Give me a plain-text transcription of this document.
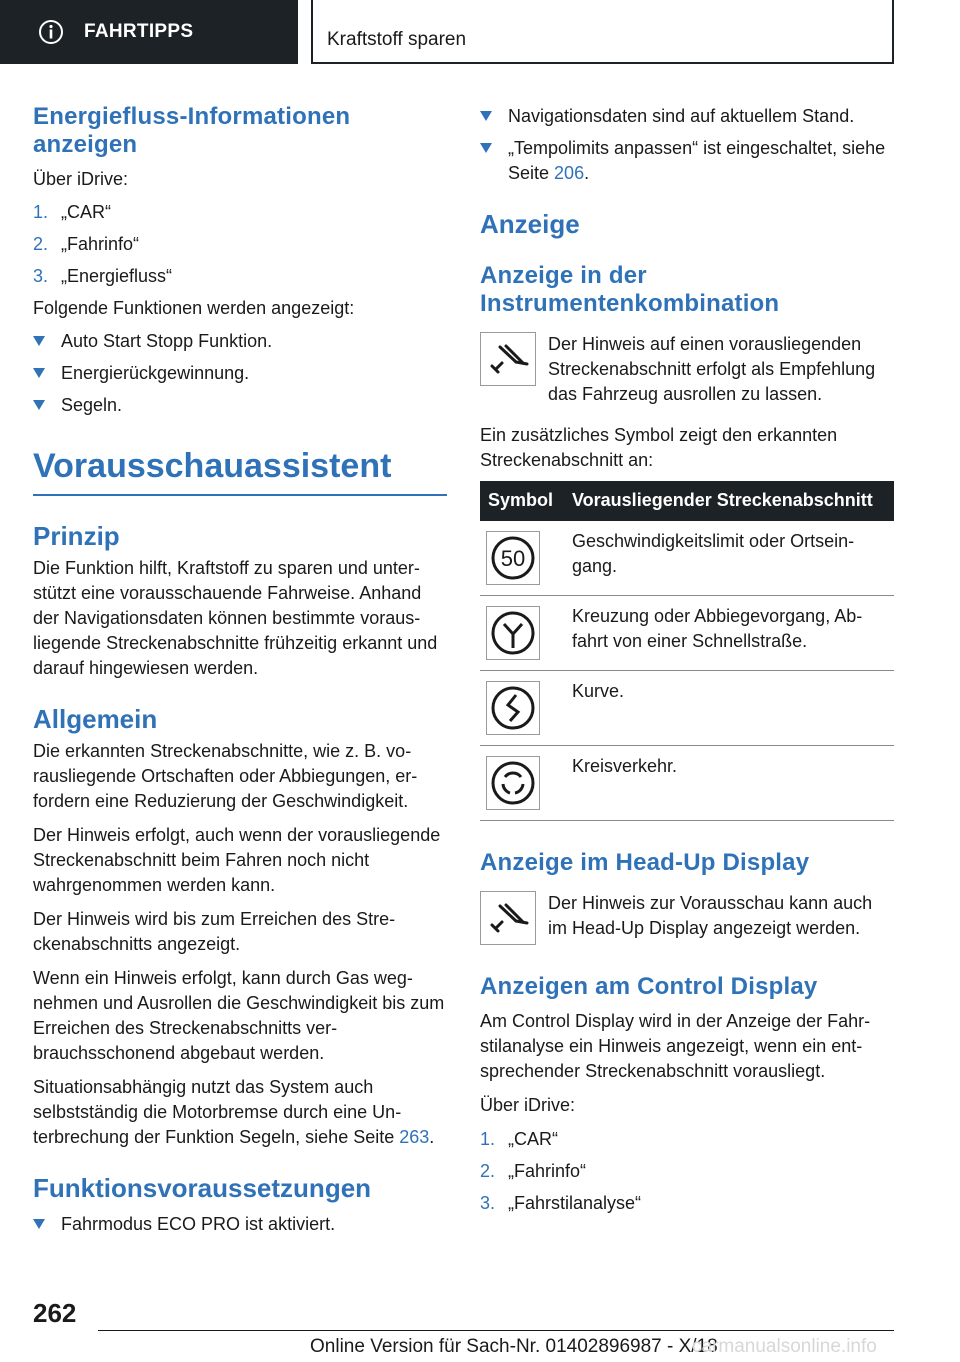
FAHRTIPPS	Kraftstoff sparen
Energiefluss-Informationen anzeigen

Über iDrive:

1. „CAR“
2. „Fahrinfo“
3. „Energiefluss“

Folgende Funktionen werden angezeigt:

Auto Start Stopp Funktion.
Energierückgewinnung.
Segeln.
Vorausschauassistent
Prinzip

Die Funktion hilft, Kraftstoff zu sparen und unterstützt eine vorausschauende Fahrweise. Anhand der Navigationsdaten können bestimmte vorausliegende Streckenabschnitte frühzeitig erkannt und darauf hingewiesen werden.

Allgemein

Die erkannten Streckenabschnitte, wie z. B. vorausliegende Ortschaften oder Abbiegungen, erfordern eine Reduzierung der Geschwindigkeit.

Der Hinweis erfolgt, auch wenn der vorausliegende Streckenabschnitt beim Fahren noch nicht wahrgenommen werden kann.

Der Hinweis wird bis zum Erreichen des Streckenabschnitts angezeigt.

Wenn ein Hinweis erfolgt, kann durch Gas wegnehmen und Ausrollen die Geschwindigkeit bis zum Erreichen des Streckenabschnitts verbrauchsschonend abgebaut werden.

Situationsabhängig nutzt das System auch selbstständig die Motorbremse durch eine Unterbrechung der Funktion Segeln, siehe Seite 263.

Funktionsvoraussetzungen
Fahrmodus ECO PRO ist aktiviert.
Navigationsdaten sind auf aktuellem Stand.
„Tempolimits anpassen“ ist eingeschaltet, siehe Seite 206.
Anzeige
Anzeige in der Instrumentenkombination

Der Hinweis auf einen vorausliegenden Streckenabschnitt erfolgt als Empfehlung das Fahrzeug ausrollen zu lassen.

Ein zusätzliches Symbol zeigt den erkannten Streckenabschnitt an:

Symbol	Vorausliegender Streckenabschnitt

50	Geschwindigkeitslimit oder Ortseingang.

	Kreuzung oder Abbiegevorgang, Abfahrt von einer Schnellstraße.

	Kurve.

	Kreisverkehr.
Anzeige im Head-Up Display

Der Hinweis zur Vorausschau kann auch im Head-Up Display angezeigt werden.

Anzeigen am Control Display

Am Control Display wird in der Anzeige der Fahrstilanalyse ein Hinweis angezeigt, wenn ein entsprechender Streckenabschnitt vorausliegt.

Über iDrive:

1. „CAR“
2. „Fahrinfo“
3. „Fahrstilanalyse“
262
Online Version für Sach-Nr. 01402896987 - X/18
carmanualsonline.info
